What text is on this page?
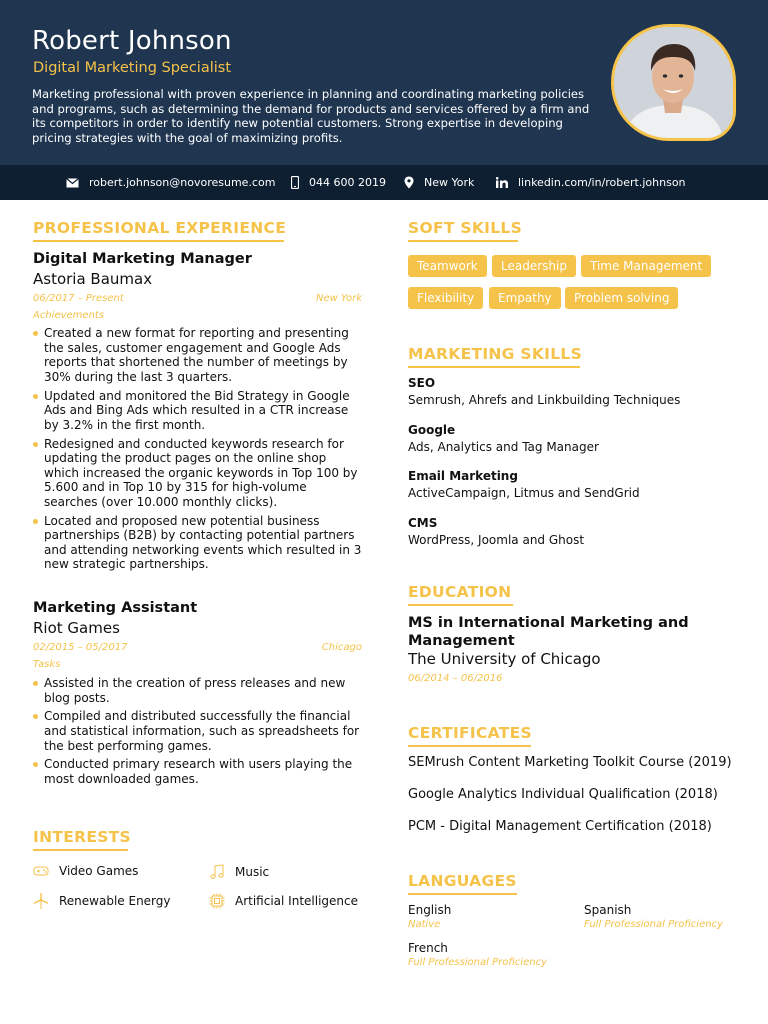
Robert Johnson
Digital Marketing Specialist
Marketing professional with proven experience in planning and coordinating marketing policies and programs, such as determining the demand for products and services offered by a firm and its competitors in order to identify new potential customers. Strong expertise in developing pricing strategies with the goal of maximizing profits.
robert.johnson@novoresume.com	044 600 2019	New York	linkedin.com/in/robert.johnson
PROFESSIONAL EXPERIENCE
Digital Marketing Manager
Astoria Baumax
06/2017 – Present	New York
Achievements
Created a new format for reporting and presenting the sales, customer engagement and Google Ads reports that shortened the number of meetings by 30% during the last 3 quarters.
Updated and monitored the Bid Strategy in Google Ads and Bing Ads which resulted in a CTR increase by 3.2% in the first month.
Redesigned and conducted keywords research for updating the product pages on the online shop which increased the organic keywords in Top 100 by 5.600 and in Top 10 by 315 for high-volume searches (over 10.000 monthly clicks).
Located and proposed new potential business partnerships (B2B) by contacting potential partners and attending networking events which resulted in 3 new strategic partnerships.
Marketing Assistant
Riot Games
02/2015 – 05/2017	Chicago
Tasks
Assisted in the creation of press releases and new blog posts.
Compiled and distributed successfully the financial and statistical information, such as spreadsheets for the best performing games.
Conducted primary research with users playing the most downloaded games.
INTERESTS
Video Games	Music
Renewable Energy	Artificial Intelligence
SOFT SKILLS
Teamwork	Leadership	Time Management
Flexibility	Empathy	Problem solving
MARKETING SKILLS
SEO
Semrush, Ahrefs and Linkbuilding Techniques
Google
Ads, Analytics and Tag Manager
Email Marketing
ActiveCampaign, Litmus and SendGrid
CMS
WordPress, Joomla and Ghost
EDUCATION
MS in International Marketing and Management
The University of Chicago
06/2014 – 06/2016
CERTIFICATES
SEMrush Content Marketing Toolkit Course (2019)
Google Analytics Individual Qualification (2018)
PCM - Digital Management Certification (2018)
LANGUAGES
English
Native
Spanish
Full Professional Proficiency
French
Full Professional Proficiency
